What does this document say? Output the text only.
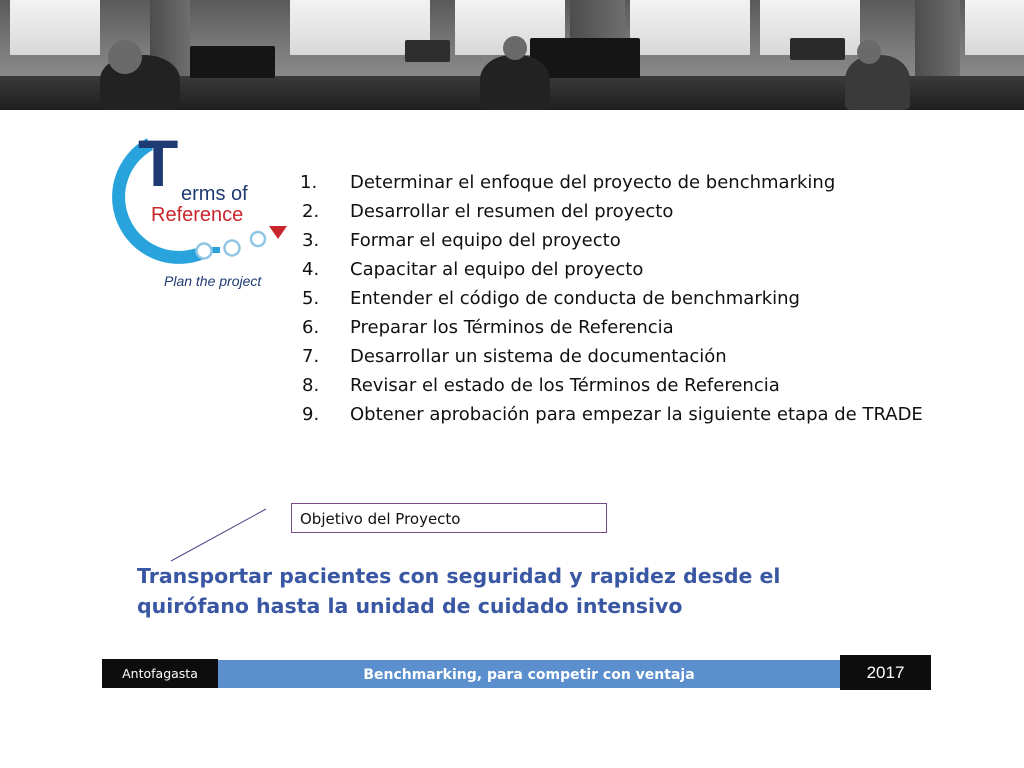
T erms of
Reference
Plan the project
1. Determinar el enfoque del proyecto de benchmarking
2. Desarrollar el resumen del proyecto
3. Formar el equipo del proyecto
4. Capacitar al equipo del proyecto
5. Entender el código de conducta de benchmarking
6. Preparar los Términos de Referencia
7. Desarrollar un sistema de documentación
8. Revisar el estado de los Términos de Referencia
9. Obtener aprobación para empezar la siguiente etapa de TRADE
Objetivo del Proyecto
Transportar pacientes con seguridad y rapidez desde el quirófano hasta la unidad de cuidado intensivo
Antofagasta	Benchmarking, para competir con ventaja	2017
